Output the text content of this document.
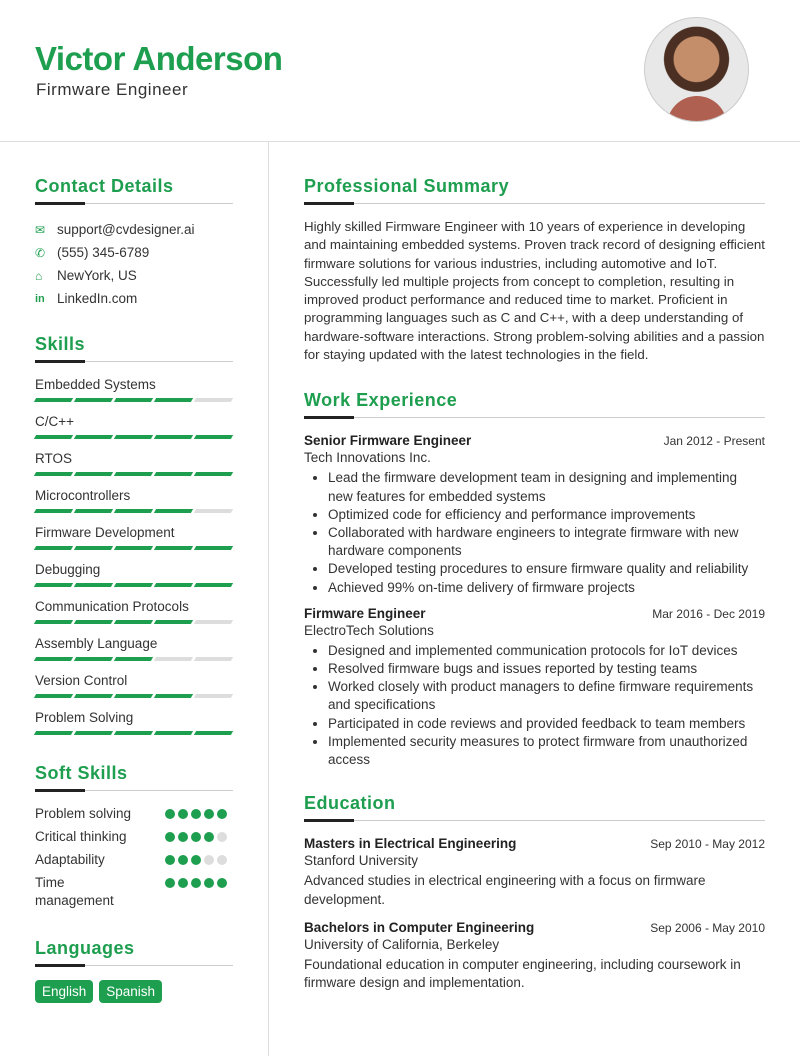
Victor Anderson
Firmware Engineer
Contact Details
✉ support@cvdesigner.ai
✆ (555) 345-6789
⌂	NewYork, US
in LinkedIn.com
Skills
Embedded Systems
C/C++
RTOS
Microcontrollers
Firmware Development
Debugging
Communication Protocols
Assembly Language
Version Control
Problem Solving
Soft Skills
Problem solving
Critical thinking
Adaptability
Time management
Languages
English	Spanish
Professional Summary

Highly skilled Firmware Engineer with 10 years of experience in developing and maintaining embedded systems. Proven track record of designing efficient firmware solutions for various industries, including automotive and IoT. Successfully led multiple projects from concept to completion, resulting in improved product performance and reduced time to market. Proficient in programming languages such as C and C++, with a deep understanding of hardware-software interactions. Strong problem-solving abilities and a passion for staying updated with the latest technologies in the field.

Work Experience
Senior Firmware Engineer	Jan 2012 - Present
Tech Innovations Inc.
• Lead the firmware development team in designing and implementing new features for embedded systems
• Optimized code for efficiency and performance improvements
• Collaborated with hardware engineers to integrate firmware with new hardware components
• Developed testing procedures to ensure firmware quality and reliability
• Achieved 99% on-time delivery of firmware projects
Firmware Engineer	Mar 2016 - Dec 2019
ElectroTech Solutions
• Designed and implemented communication protocols for IoT devices
• Resolved firmware bugs and issues reported by testing teams
• Worked closely with product managers to define firmware requirements and specifications
• Participated in code reviews and provided feedback to team members
• Implemented security measures to protect firmware from unauthorized access
Education
Masters in Electrical Engineering	Sep 2010 - May 2012
Stanford University

Advanced studies in electrical engineering with a focus on firmware development.

Bachelors in Computer Engineering	Sep 2006 - May 2010
University of California, Berkeley

Foundational education in computer engineering, including coursework in firmware design and implementation.
